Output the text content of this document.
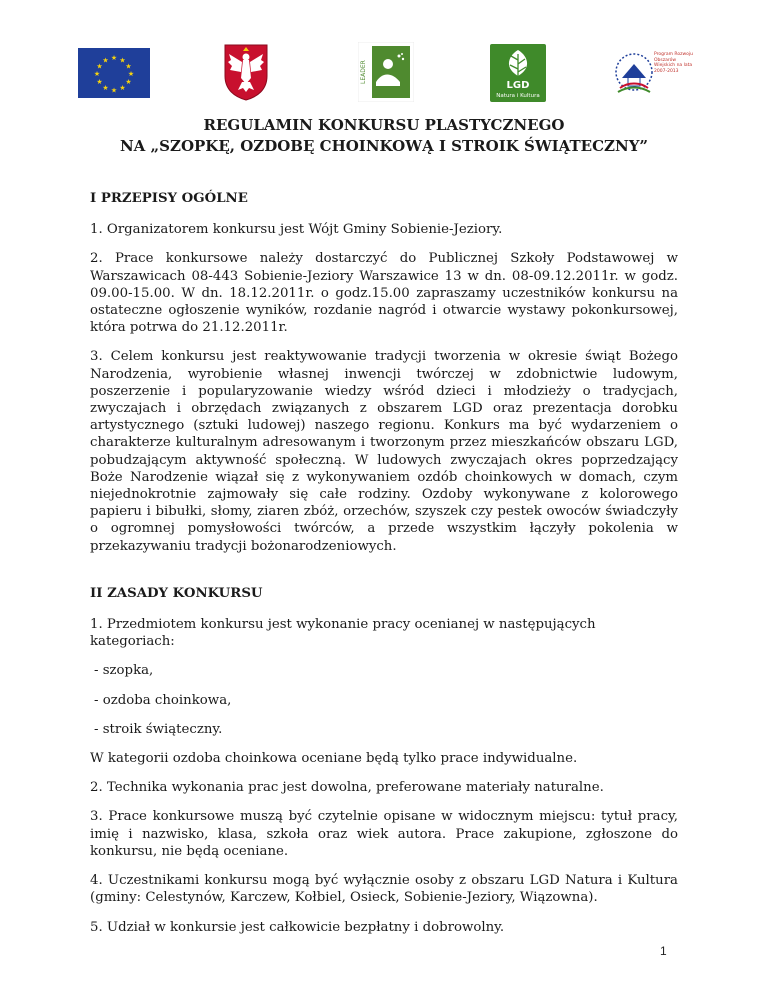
★ ★
★
★
★
★
★
★
★
★
★
★	LEADER
LGD
Natura i Kultura
Program Rozwoju Obszarów Wiejskich na lata 2007-2013
REGULAMIN KONKURSU PLASTYCZNEGO
NA „SZOPKĘ, OZDOBĘ CHOINKOWĄ I STROIK ŚWIĄTECZNY”
I PRZEPISY OGÓLNE

1. Organizatorem konkursu jest Wójt Gminy Sobienie-Jeziory.

2. Prace konkursowe należy dostarczyć do Publicznej Szkoły Podstawowej w Warszawicach 08-443 Sobienie-Jeziory Warszawice 13 w dn. 08-09.12.2011r. w godz. 09.00-15.00. W dn. 18.12.2011r. o godz.15.00 zapraszamy uczestników konkursu na ostateczne ogłoszenie wyników, rozdanie nagród i otwarcie wystawy pokonkursowej, która potrwa do 21.12.2011r.

3. Celem konkursu jest reaktywowanie tradycji tworzenia w okresie świąt Bożego Narodzenia, wyrobienie własnej inwencji twórczej w zdobnictwie ludowym, poszerzenie i popularyzowanie wiedzy wśród dzieci i młodzieży o tradycjach, zwyczajach i obrzędach związanych z obszarem LGD oraz prezentacja dorobku artystycznego (sztuki ludowej) naszego regionu. Konkurs ma być wydarzeniem o charakterze kulturalnym adresowanym i tworzonym przez mieszkańców obszaru LGD, pobudzającym aktywność społeczną. W ludowych zwyczajach okres poprzedzający Boże Narodzenie wiązał się z wykonywaniem ozdób choinkowych w domach, czym niejednokrotnie zajmowały się całe rodziny. Ozdoby wykonywane z kolorowego papieru i bibułki, słomy, ziaren zbóż, orzechów, szyszek czy pestek owoców świadczyły o ogromnej pomysłowości twórców, a przede wszystkim łączyły pokolenia w przekazywaniu tradycji bożonarodzeniowych.

II ZASADY KONKURSU

1. Przedmiotem konkursu jest wykonanie pracy ocenianej w następujących kategoriach:

- szopka,

- ozdoba choinkowa,

- stroik świąteczny.

W kategorii ozdoba choinkowa oceniane będą tylko prace indywidualne.

2. Technika wykonania prac jest dowolna, preferowane materiały naturalne.

3. Prace konkursowe muszą być czytelnie opisane w widocznym miejscu: tytuł pracy, imię i nazwisko, klasa, szkoła oraz wiek autora. Prace zakupione, zgłoszone do konkursu, nie będą oceniane.

4. Uczestnikami konkursu mogą być wyłącznie osoby z obszaru LGD Natura i Kultura (gminy: Celestynów, Karczew, Kołbiel, Osieck, Sobienie-Jeziory, Wiązowna).

5. Udział w konkursie jest całkowicie bezpłatny i dobrowolny.

1
